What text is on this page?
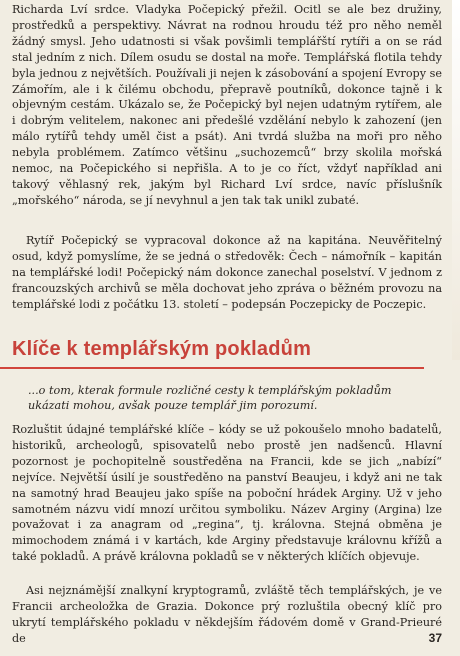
Richarda Lví srdce. Vladyka Počepický přežil. Ocitl se ale bez družiny, prostředků a perspektivy. Návrat na rodnou hroudu též pro něho neměl žádný smysl. Jeho udatnosti si však povšimli templářští rytíři a on se rád stal jedním z nich. Dílem osudu se dostal na moře. Templářská flotila tehdy byla jednou z největších. Používali ji nejen k zásobování a spojení Evropy se Zámořím, ale i k čilému obchodu, přepravě poutníků, dokonce tajně i k objevným cestám. Ukázalo se, že Počepický byl nejen udatným rytířem, ale i dobrým velitelem, nakonec ani předešlé vzdělání nebylo k zahození (jen málo rytířů tehdy uměl čist a psát). Ani tvrdá služba na moři pro něho nebyla problémem. Zatímco většinu „suchozemců“ brzy skolila mořská nemoc, na Počepického si nepřišla. A to je co říct, vždyť například ani takový věhlasný rek, jakým byl Richard Lví srdce, navíc příslušník „mořského“ národa, se jí nevyhnul a jen tak tak unikl zubaté.

Rytíř Počepický se vypracoval dokonce až na kapitána. Neuvěřitelný osud, když pomyslíme, že se jedná o středověk: Čech – námořník – kapitán na templářské lodi! Počepický nám dokonce zanechal poselství. V jednom z francouzských archivů se měla dochovat jeho zpráva o běžném provozu na templářské lodi z počátku 13. století – podepsán Poczepicky de Poczepic.

Klíče k templářským pokladům

...o tom, kterak formule rozličné cesty k templářským pokladům ukázati mohou, avšak pouze templář jim porozumí.

Rozluštit údajné templářské klíče – kódy se už pokoušelo mnoho badatelů, historiků, archeologů, spisovatelů nebo prostě jen nadšenců. Hlavní pozornost je pochopitelně soustředěna na Francii, kde se jich „nabízí“ nejvíce. Největší úsilí je soustředěno na panství Beaujeu, i když ani ne tak na samotný hrad Beaujeu jako spíše na poboční hrádek Arginy. Už v jeho samotném názvu vidí mnozí určitou symboliku. Název Arginy (Argina) lze považovat i za anagram od „regina“, tj. královna. Stejná obměna je mimochodem známá i v kartách, kde Arginy představuje královnu křížů a také pokladů. A právě královna pokladů se v některých klíčích objevuje.

Asi nejznámější znalkyní kryptogramů, zvláště těch templářských, je ve Francii archeoložka de Grazia. Dokonce prý rozluštila obecný klíč pro ukrytí templářského pokladu v někdejším řádovém domě v Grand-Prieuré de	37
